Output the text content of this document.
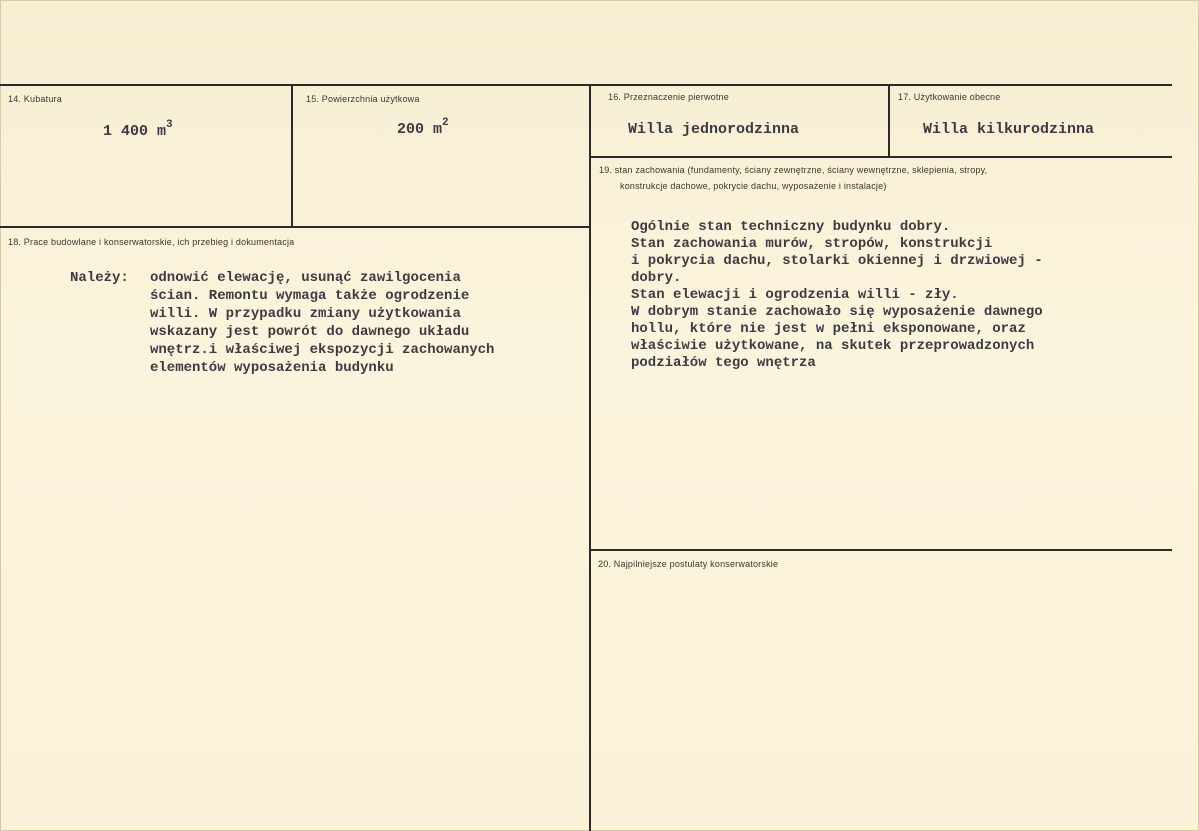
14. Kubatura
1 400 $m^3$
15. Powierzchnia użytkowa
200 $m^2$
16. Przeznaczenie pierwotne
Willa jednorodzinna
17. Użytkowanie obecne
Willa kilkurodzinna
18. Prace budowlane i konserwatorskie, ich przebieg i dokumentacja
Należy: odnowić elewację, usunąć zawilgocenia
ścian. Remontu wymaga także ogrodzenie
willi. W przypadku zmiany użytkowania
wskazany jest powrót do dawnego układu
wnętrz.i właściwej ekspozycji zachowanych
elementów wyposażenia budynku
19. stan zachowania (fundamenty, ściany zewnętrzne, ściany wewnętrzne, sklepienia, stropy,
konstrukcje dachowe, pokrycie dachu, wyposażenie i instalacje)
Ogólnie stan techniczny budynku dobry.
Stan zachowania murów, stropów, konstrukcji
i pokrycia dachu, stolarki okiennej i drzwiowej -
dobry.
Stan elewacji i ogrodzenia willi - zły.
W dobrym stanie zachowało się wyposażenie dawnego
hollu, które nie jest w pełni eksponowane, oraz
właściwie użytkowane, na skutek przeprowadzonych
podziałów tego wnętrza
20. Najpilniejsze postulaty konserwatorskie
